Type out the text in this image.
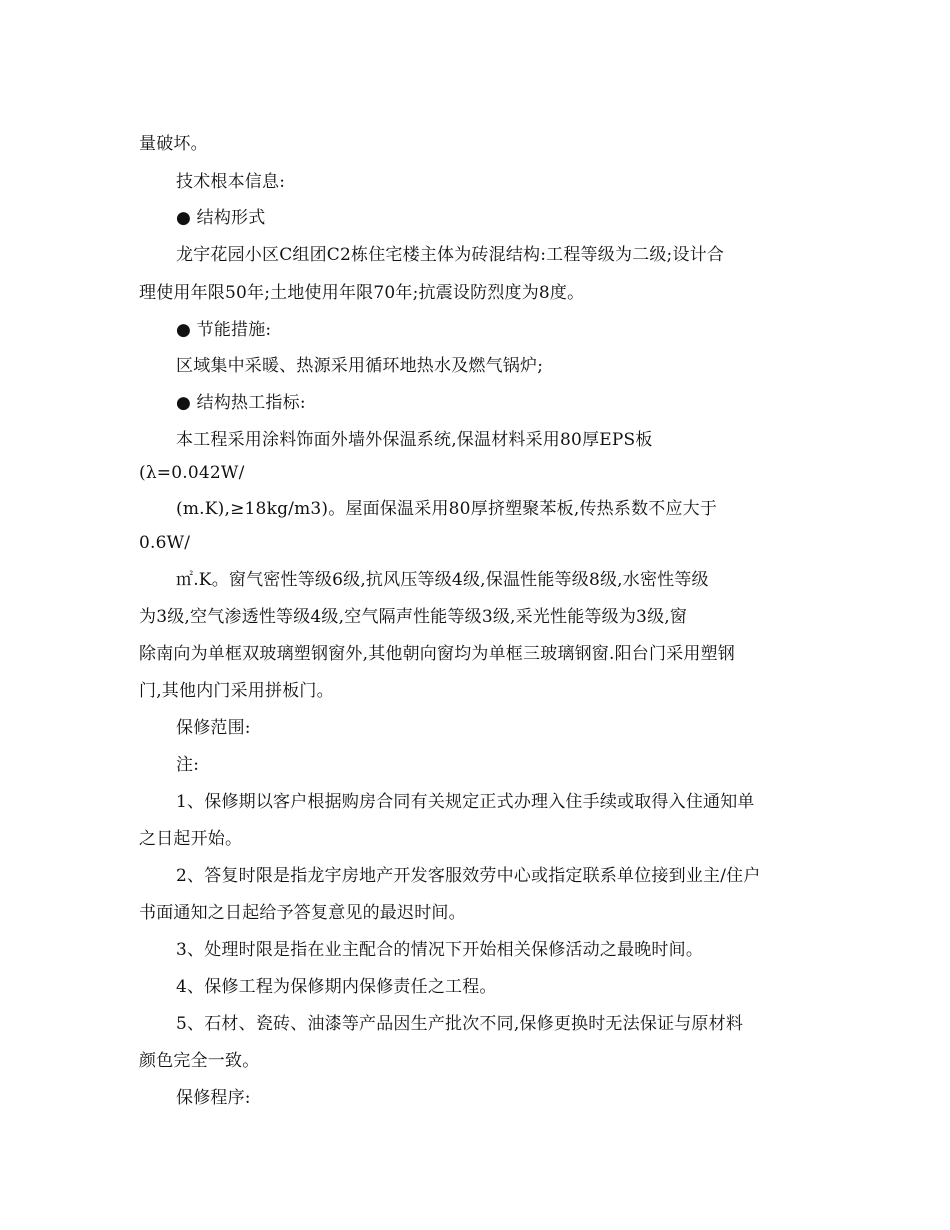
量破坏。
技术根本信息:
● 结构形式
龙宇花园小区C组团C2栋住宅楼主体为砖混结构:工程等级为二级;设计合
理使用年限50年;土地使用年限70年;抗震设防烈度为8度。
● 节能措施:
区域集中采暖、热源采用循环地热水及燃气锅炉;
● 结构热工指标:
本工程采用涂料饰面外墙外保温系统,保温材料采用80厚EPS板
(λ=0.042W/
(m.K),≥18kg/m3)。屋面保温采用80厚挤塑聚苯板,传热系数不应大于
0.6W/
㎡.K。窗气密性等级6级,抗风压等级4级,保温性能等级8级,水密性等级
为3级,空气渗透性等级4级,空气隔声性能等级3级,采光性能等级为3级,窗
除南向为单框双玻璃塑钢窗外,其他朝向窗均为单框三玻璃钢窗.阳台门采用塑钢
门,其他内门采用拼板门。
保修范围:
注:
1、保修期以客户根据购房合同有关规定正式办理入住手续或取得入住通知单
之日起开始。
2、答复时限是指龙宇房地产开发客服效劳中心或指定联系单位接到业主/住户
书面通知之日起给予答复意见的最迟时间。
3、处理时限是指在业主配合的情况下开始相关保修活动之最晚时间。
4、保修工程为保修期内保修责任之工程。
5、石材、瓷砖、油漆等产品因生产批次不同,保修更换时无法保证与原材料
颜色完全一致。
保修程序:
